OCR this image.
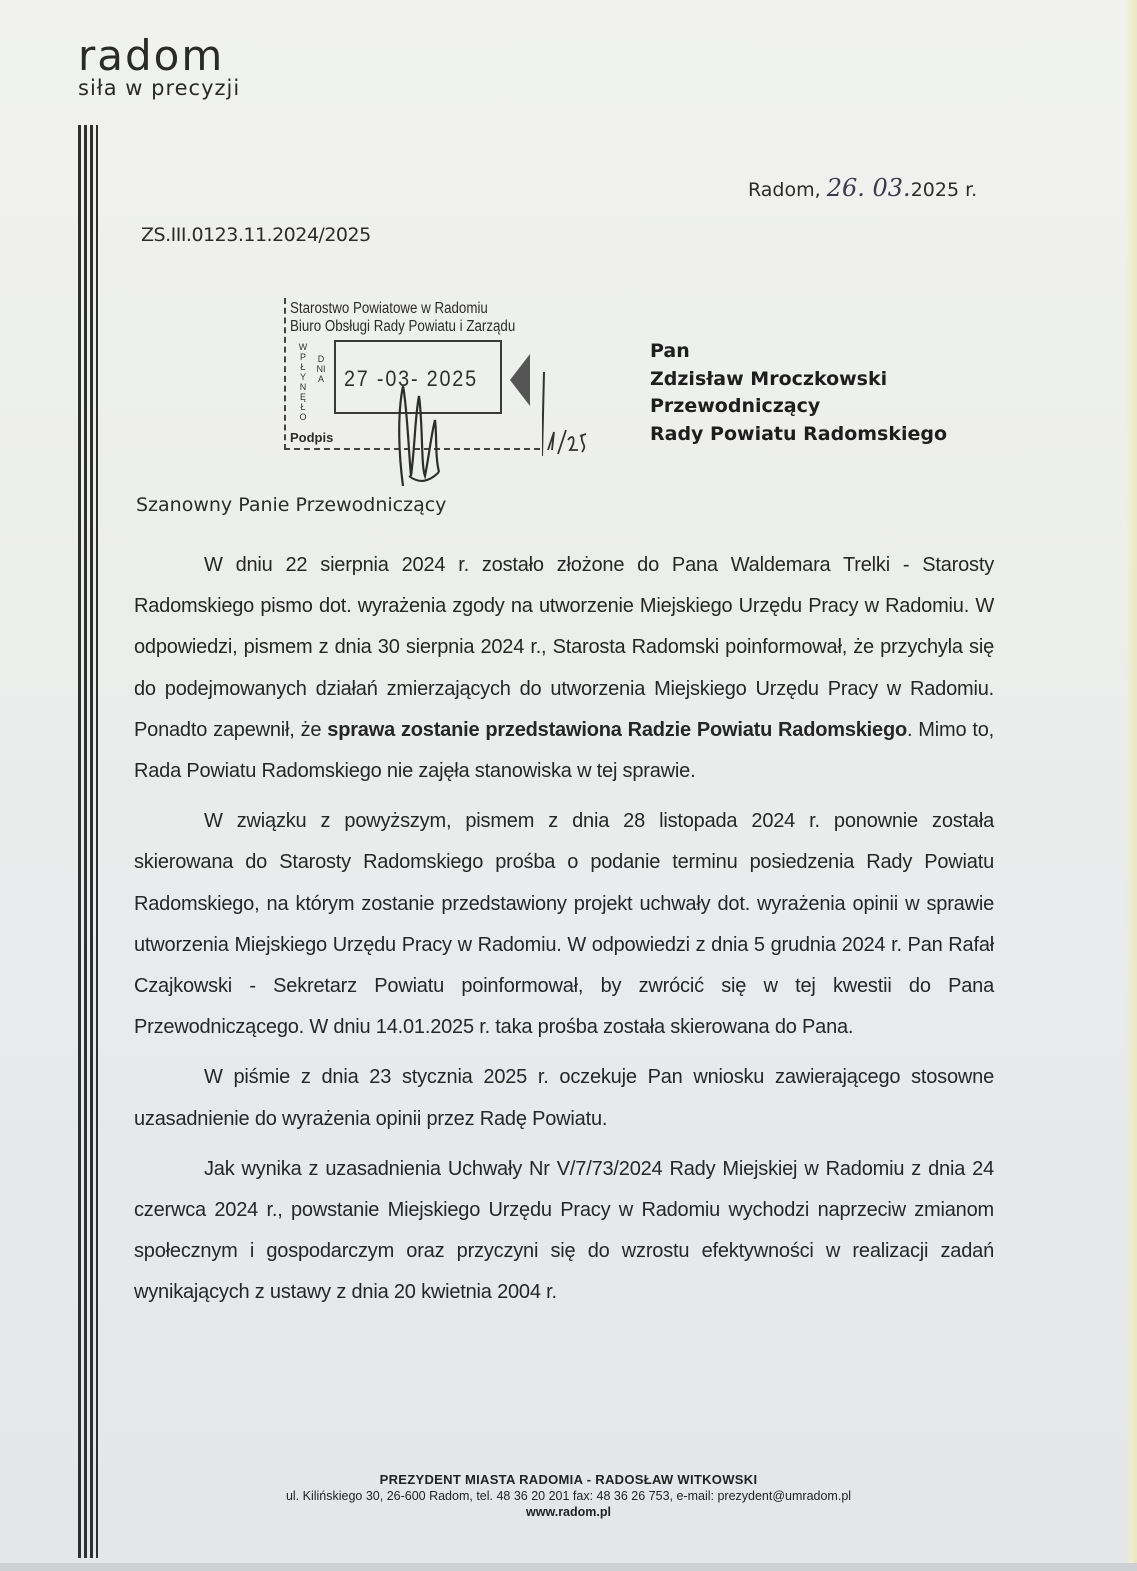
radom
siła w precyzji
Radom, 26. 03.2025 r.
ZS.III.0123.11.2024/2025
Starostwo Powiatowe w Radomiu
Biuro Obsługi Rady Powiatu i Zarządu
WPŁYNĘŁO
DNIA 27 -03- 2025
Podpis
Pan
Zdzisław Mroczkowski
Przewodniczący
Rady Powiatu Radomskiego
Szanowny Panie Przewodniczący

W dniu 22 sierpnia 2024 r. zostało złożone do Pana Waldemara Trelki - Starosty Radomskiego pismo dot. wyrażenia zgody na utworzenie Miejskiego Urzędu Pracy w Radomiu. W odpowiedzi, pismem z dnia 30 sierpnia 2024 r., Starosta Radomski poinformował, że przychyla się do podejmowanych działań zmierzających do utworzenia Miejskiego Urzędu Pracy w Radomiu. Ponadto zapewnił, że sprawa zostanie przedstawiona Radzie Powiatu Radomskiego. Mimo to, Rada Powiatu Radomskiego nie zajęła stanowiska w tej sprawie.

W związku z powyższym, pismem z dnia 28 listopada 2024 r. ponownie została skierowana do Starosty Radomskiego prośba o podanie terminu posiedzenia Rady Powiatu Radomskiego, na którym zostanie przedstawiony projekt uchwały dot. wyrażenia opinii w sprawie utworzenia Miejskiego Urzędu Pracy w Radomiu. W odpowiedzi z dnia 5 grudnia 2024 r. Pan Rafał Czajkowski - Sekretarz Powiatu poinformował, by zwrócić się w tej kwestii do Pana Przewodniczącego. W dniu 14.01.2025 r. taka prośba została skierowana do Pana.

W piśmie z dnia 23 stycznia 2025 r. oczekuje Pan wniosku zawierającego stosowne uzasadnienie do wyrażenia opinii przez Radę Powiatu.

Jak wynika z uzasadnienia Uchwały Nr V/7/73/2024 Rady Miejskiej w Radomiu z dnia 24 czerwca 2024 r., powstanie Miejskiego Urzędu Pracy w Radomiu wychodzi naprzeciw zmianom społecznym i gospodarczym oraz przyczyni się do wzrostu efektywności w realizacji zadań wynikających z ustawy z dnia 20 kwietnia 2004 r.

PREZYDENT MIASTA RADOMIA - RADOSŁAW WITKOWSKI
ul. Kilińskiego 30, 26-600 Radom, tel. 48 36 20 201 fax: 48 36 26 753, e-mail: prezydent@umradom.pl
www.radom.pl
